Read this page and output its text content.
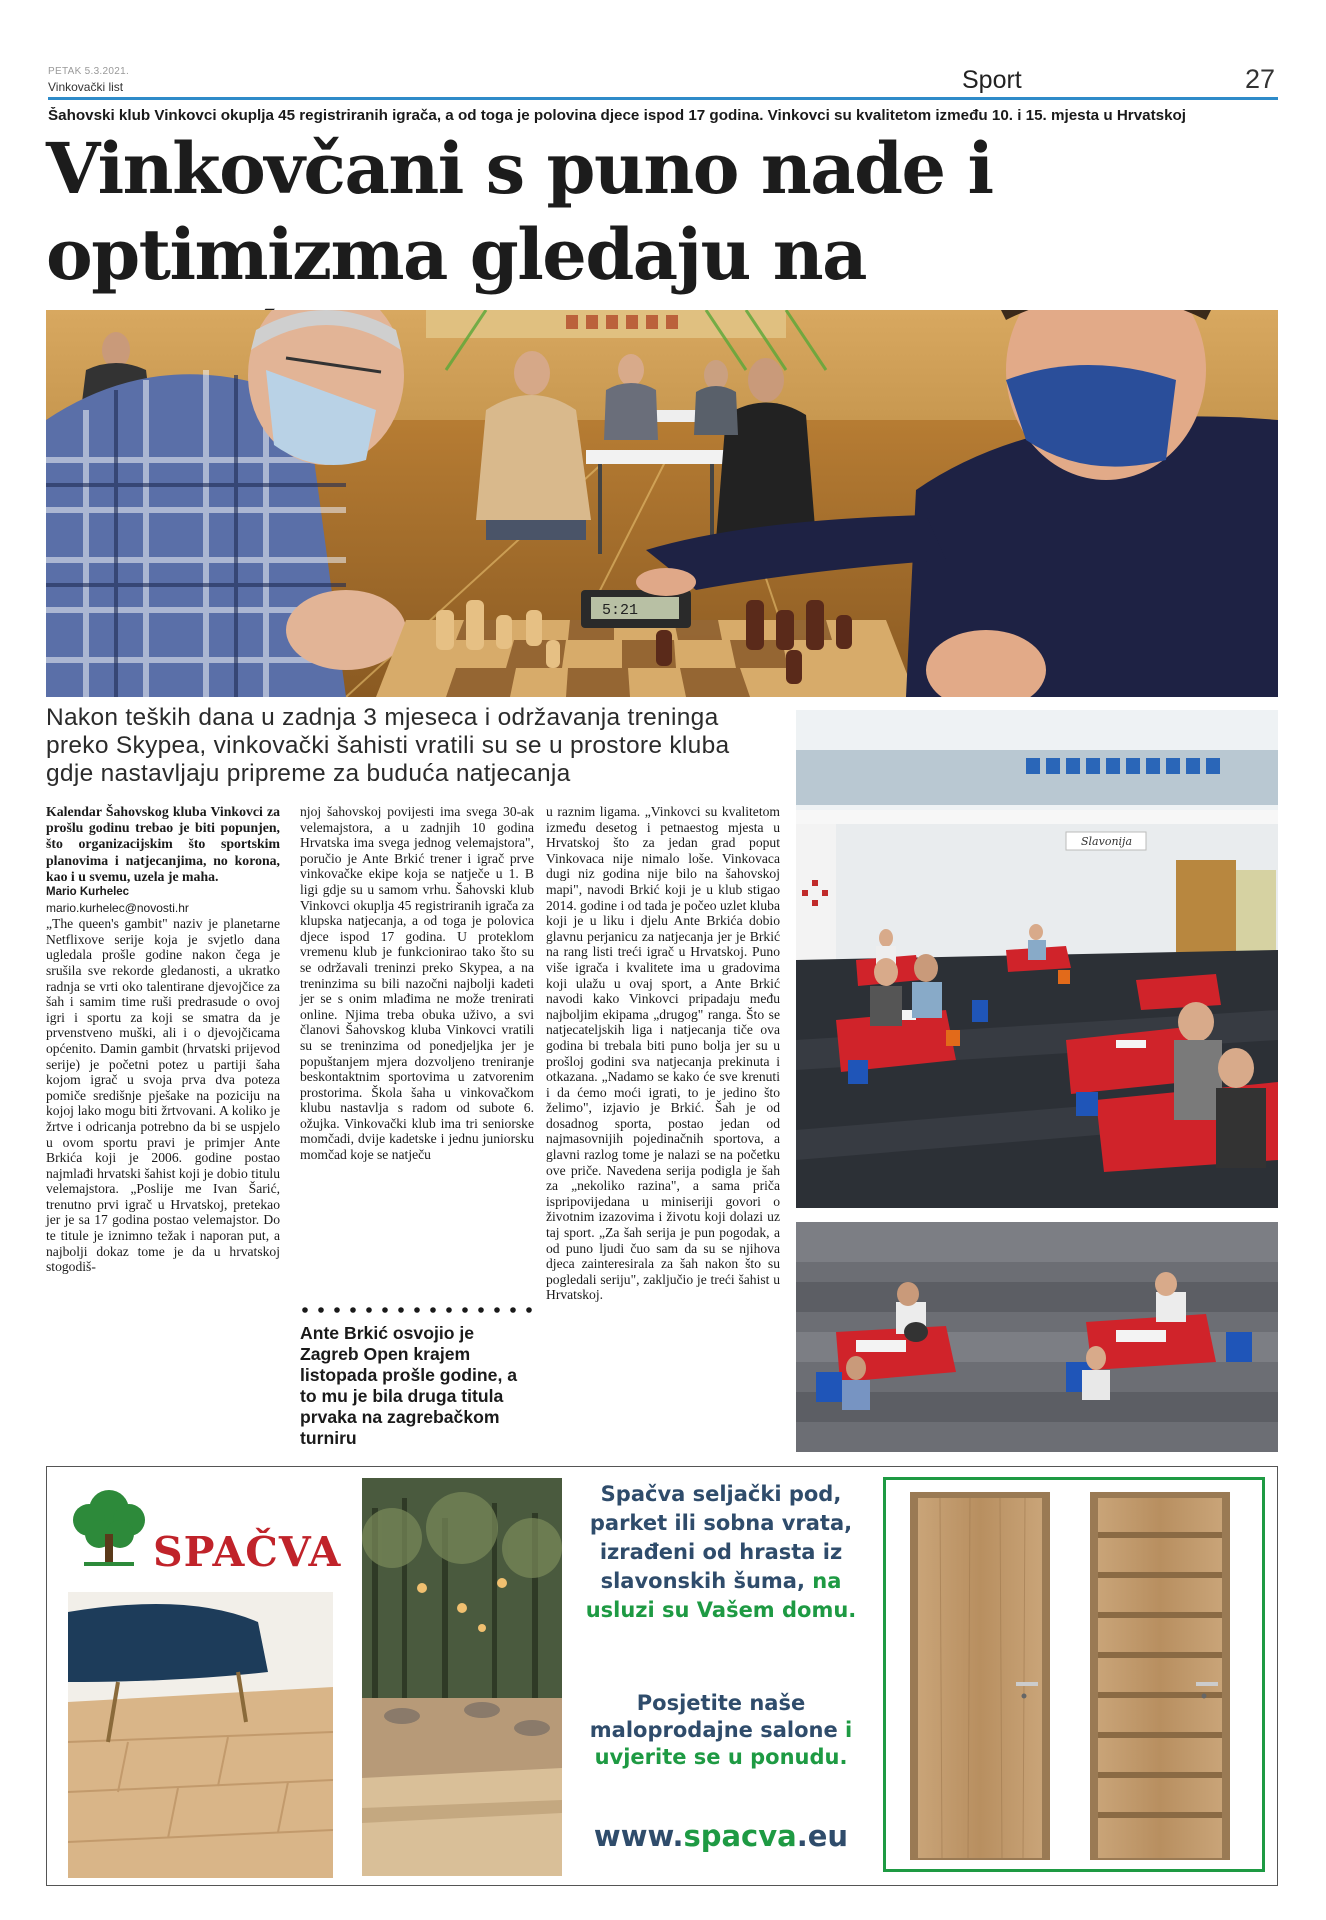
PETAK 5.3.2021.
Vinkovački list	Sport	27
Šahovski klub Vinkovci okuplja 45 registriranih igrača, a od toga je polovina djece ispod 17 godina. Vinkovci su kvalitetom između 10. i 15. mjesta u Hrvatskoj
Vinkovčani s puno nade i
optimizma gledaju na
5:21
Nakon teških dana u zadnja 3 mjeseca i održavanja treninga preko Skypea, vinkovački šahisti vratili su se u prostore kluba gdje nastavljaju pripreme za buduća natjecanja

Kalendar Šahovskog kluba Vinkovci za prošlu godinu trebao je biti popunjen, što organizacijskim što sportskim planovima i natjecanjima, no korona, kao i u svemu, uzela je maha.

Mario Kurhelec

mario.kurhelec@novosti.hr

„The queen's gambit" naziv je planetarne Netflixove serije koja je svjetlo dana ugledala prošle godine nakon čega je srušila sve rekorde gledanosti, a ukratko radnja se vrti oko talentirane djevojčice za šah i samim time ruši predrasude o ovoj igri i sportu za koji se smatra da je prvenstveno muški, ali i o djevojčicama općenito. Damin gambit (hrvatski prijevod serije) je početni potez u partiji šaha kojom igrač u svoja prva dva poteza pomiče središnje pješake na poziciju na kojoj lako mogu biti žrtvovani. A koliko je žrtve i odricanja potrebno da bi se uspjelo u ovom sportu pravi je primjer Ante Brkića koji je 2006. godine postao najmlađi hrvatski šahist koji je dobio titulu velemajstora. „Poslije me Ivan Šarić, trenutno prvi igrač u Hrvatskoj, pretekao jer je sa 17 godina postao velemajstor. Do te titule je iznimno težak i naporan put, a najbolji dokaz tome je da u hrvatskoj stogodiš-

njoj šahovskoj povijesti ima svega 30-ak velemajstora, a u zadnjih 10 godina Hrvatska ima svega jednog velemajstora", poručio je Ante Brkić trener i igrač prve vinkovačke ekipe koja se natječe u 1. B ligi gdje su u samom vrhu. Šahovski klub Vinkovci okuplja 45 registriranih igrača za klupska natjecanja, a od toga je polovica djece ispod 17 godina. U proteklom vremenu klub je funkcionirao tako što su se održavali treninzi preko Skypea, a na treninzima su bili nazočni najbolji kadeti jer se s onim mlađima ne može trenirati online. Njima treba obuka uživo, a svi članovi Šahovskog kluba Vinkovci vratili su se treninzima od ponedjeljka jer je popuštanjem mjera dozvoljeno treniranje beskontaktnim sportovima u zatvorenim prostorima. Škola šaha u vinkovačkom klubu nastavlja s radom od subote 6. ožujka. Vinkovački klub ima tri seniorske momčadi, dvije kadetske i jednu juniorsku momčad koje se natječu

Ante Brkić osvojio je Zagreb Open krajem listopada prošle godine, a to mu je bila druga titula prvaka na zagrebačkom turniru

u raznim ligama. „Vinkovci su kvalitetom između desetog i petnaestog mjesta u Hrvatskoj što za jedan grad poput Vinkovaca nije nimalo loše. Vinkovaca dugi niz godina nije bilo na šahovskoj mapi", navodi Brkić koji je u klub stigao 2014. godine i od tada je počeo uzlet kluba koji je u liku i djelu Ante Brkića dobio glavnu perjanicu za natjecanja jer je Brkić na rang listi treći igrač u Hrvatskoj. Puno više igrača i kvalitete ima u gradovima koji ulažu u ovaj sport, a Ante Brkić navodi kako Vinkovci pripadaju među najboljim ekipama „drugog" ranga. Što se natjecateljskih liga i natjecanja tiče ova godina bi trebala biti puno bolja jer su u prošloj godini sva natjecanja prekinuta i otkazana. „Nadamo se kako će sve krenuti i da ćemo moći igrati, to je jedino što želimo", izjavio je Brkić. Šah je od dosadnog sporta, postao jedan od najmasovnijih pojedinačnih sportova, a glavni razlog tome je nalazi se na početku ove priče. Navedena serija podigla je šah za „nekoliko razina", a sama priča ispripovijedana u miniseriji govori o životnim izazovima i životu koji dolazi uz taj sport. „Za šah serija je pun pogodak, a od puno ljudi čuo sam da su se njihova djeca zainteresirala za šah nakon što su pogledali seriju", zaključio je treći šahist u Hrvatskoj.

Slavonija
SPAČVA
Spačva seljački pod, parket ili sobna vrata, izrađeni od hrasta iz slavonskih šuma, na usluzi su Vašem domu.
Posjetite naše maloprodajne salone i uvjerite se u ponudu.
www.spacva.eu
